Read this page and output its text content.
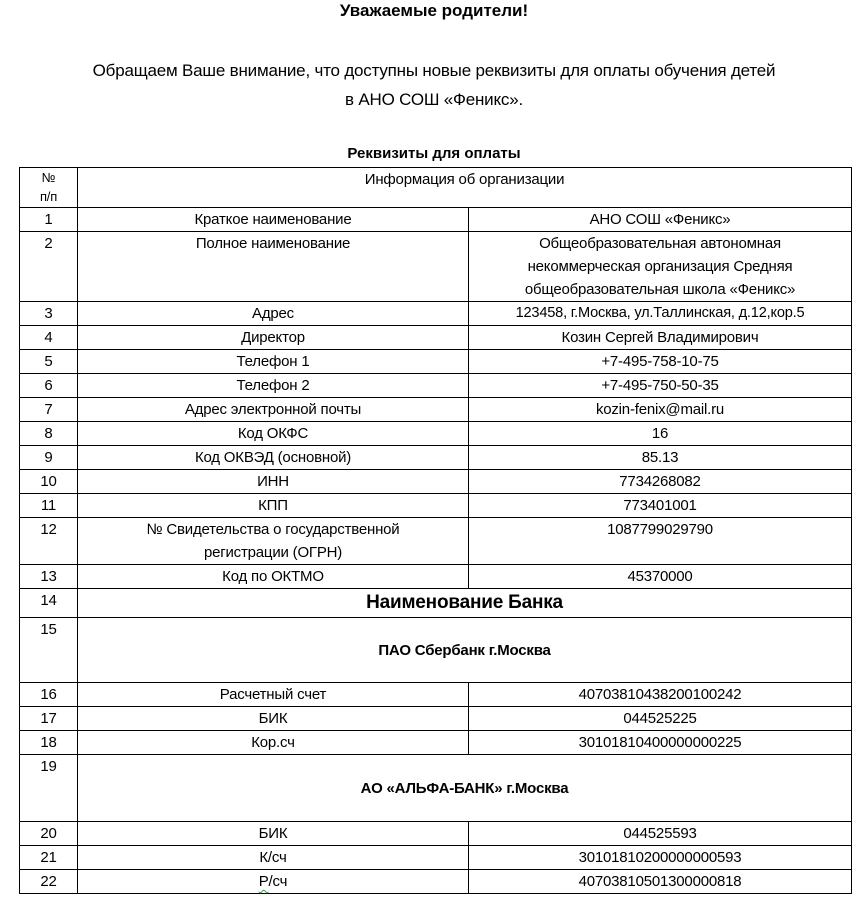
Уважаемые родители!
Обращаем Ваше внимание, что доступны новые реквизиты для оплаты обучения детей
в АНО СОШ «Феникс».
Реквизиты для оплаты
№
п/п	Информация об организации	
1	Краткое наименование	АНО СОШ «Феникс»
2	Полное наименование	Общеобразовательная автономная некоммерческая организация Средняя общеобразовательная школа «Феникс»
3	Адрес	123458, г.Москва, ул.Таллинская, д.12,кор.5
4	Директор	Козин Сергей Владимирович
5	Телефон 1	+7-495-758-10-75
6	Телефон 2	+7-495-750-50-35
7	Адрес электронной почты	kozin-fenix@mail.ru
8	Код ОКФС	16
9	Код ОКВЭД (основной)	85.13
10	ИНН	7734268082
11	КПП	773401001
12	№ Свидетельства о государственной регистрации (ОГРН)	1087799029790
13	Код по ОКТМО	45370000
14	Наименование Банка	
15	ПАО Сбербанк г.Москва	
16	Расчетный счет	40703810438200100242
17	БИК	044525225
18	Кор.сч	30101810400000000225
19	АО «АЛЬФА-БАНК» г.Москва	
20	БИК	044525593
21	К/сч	30101810200000000593
22	Р/сч	40703810501300000818
